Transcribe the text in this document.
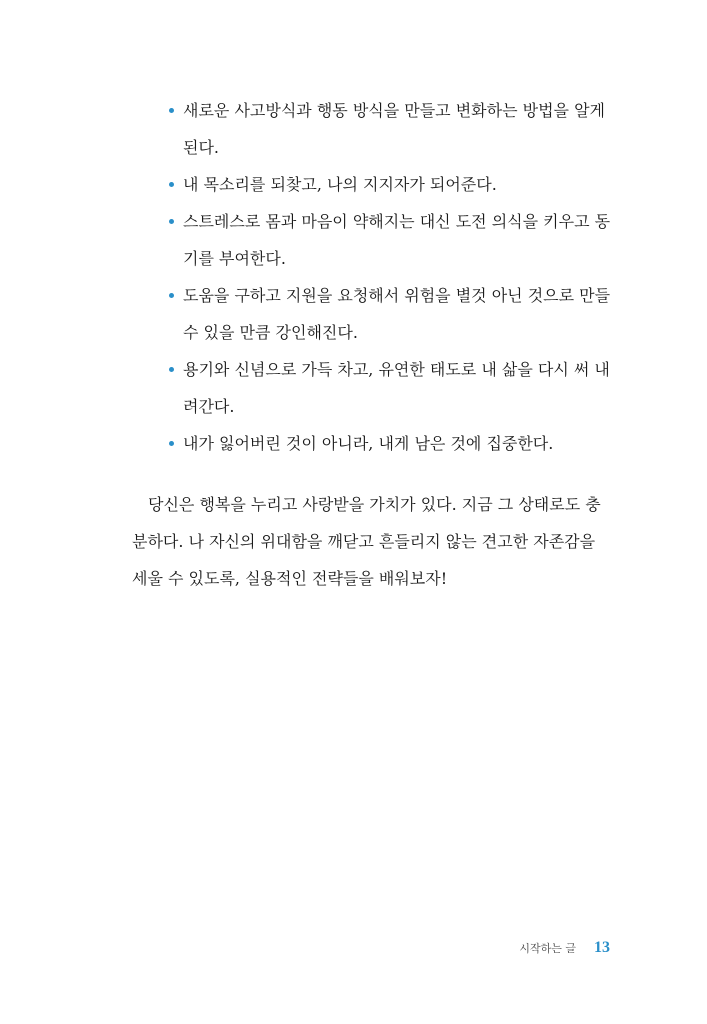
새로운 사고방식과 행동 방식을 만들고 변화하는 방법을 알게 된다.
내 목소리를 되찾고, 나의 지지자가 되어준다.
스트레스로 몸과 마음이 약해지는 대신 도전 의식을 키우고 동기를 부여한다.
도움을 구하고 지원을 요청해서 위험을 별것 아닌 것으로 만들 수 있을 만큼 강인해진다.
용기와 신념으로 가득 차고, 유연한 태도로 내 삶을 다시 써 내려간다.
내가 잃어버린 것이 아니라, 내게 남은 것에 집중한다.

당신은 행복을 누리고 사랑받을 가치가 있다. 지금 그 상태로도 충분하다. 나 자신의 위대함을 깨닫고 흔들리지 않는 견고한 자존감을 세울 수 있도록, 실용적인 전략들을 배워보자!

시작하는 글 13
